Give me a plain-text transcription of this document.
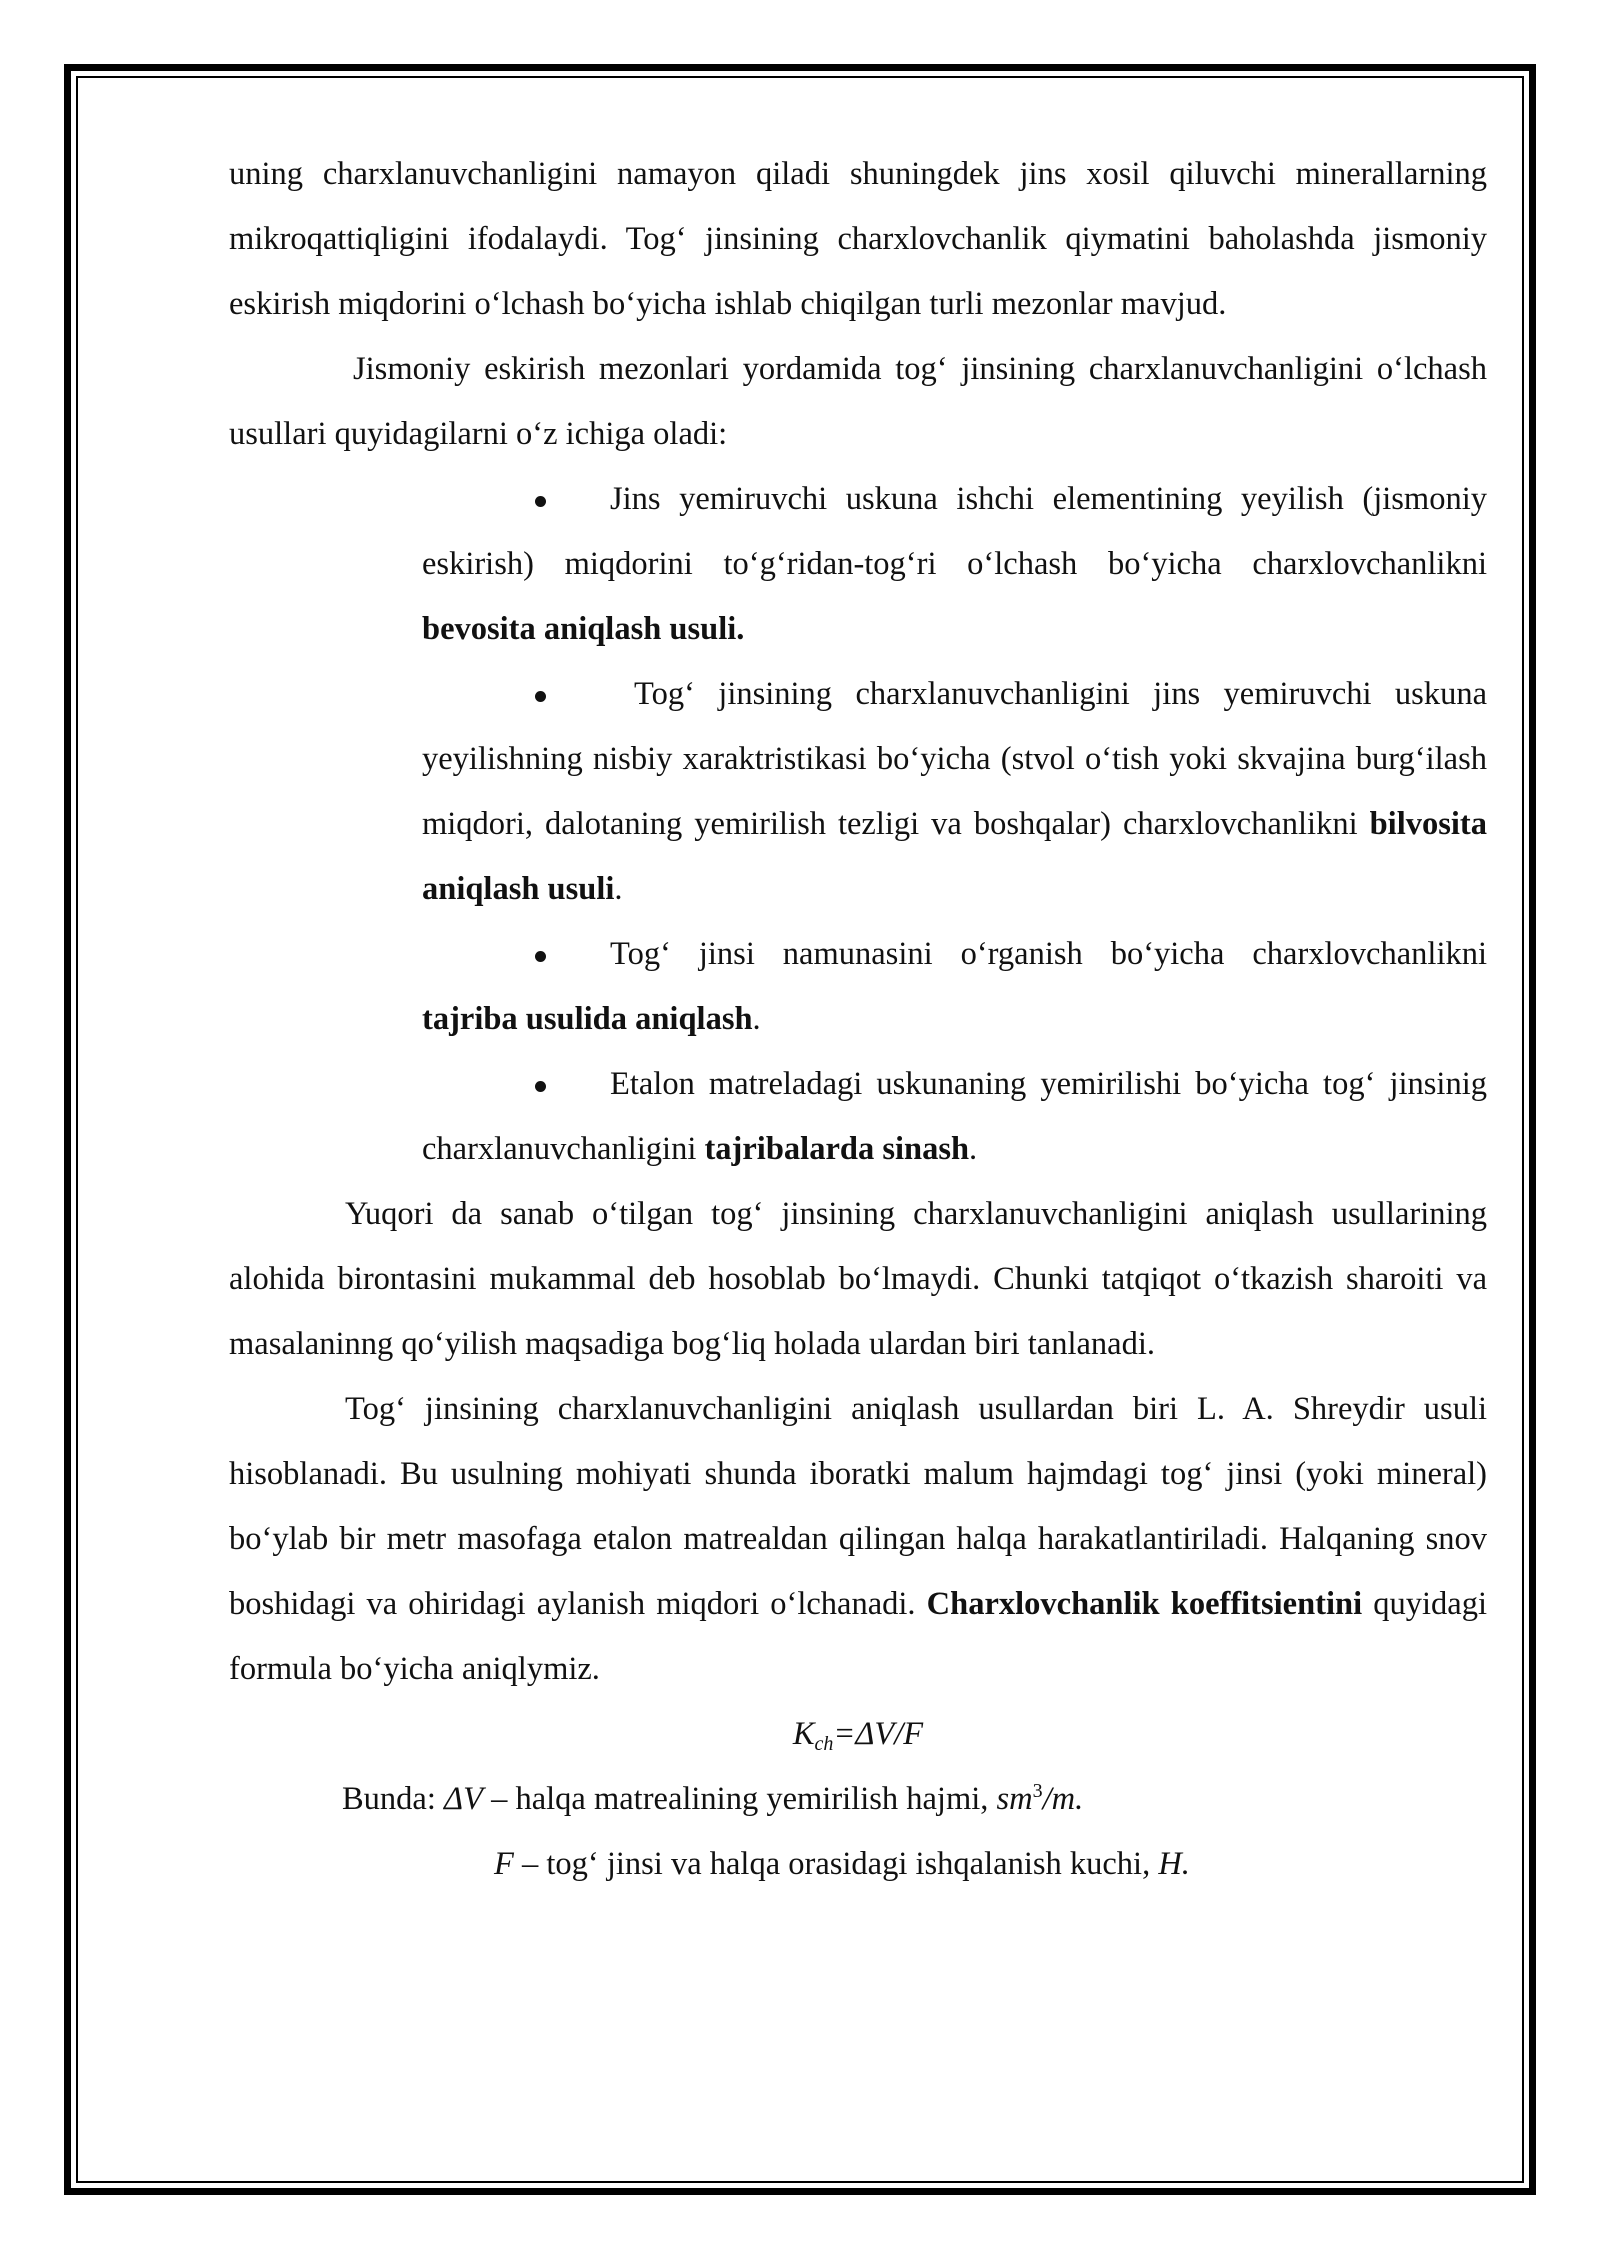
uning charxlanuvchanligini namayon qiladi shuningdek jins xosil qiluvchi minerallarning mikroqattiqligini ifodalaydi. Tog‘ jinsining charxlovchanlik qiymatini baholashda jismoniy eskirish miqdorini o‘lchash bo‘yicha ishlab chiqilgan turli mezonlar mavjud.

Jismoniy eskirish mezonlari yordamida tog‘ jinsining charxlanuvchanligini o‘lchash usullari quyidagilarni o‘z ichiga oladi:

Jins yemiruvchi uskuna ishchi elementining yeyilish (jismoniy eskirish) miqdorini to‘g‘ridan-tog‘ri o‘lchash bo‘yicha charxlovchanlikni bevosita aniqlash usuli.

Tog‘ jinsining charxlanuvchanligini jins yemiruvchi uskuna yeyilishning nisbiy xaraktristikasi bo‘yicha (stvol o‘tish yoki skvajina burg‘ilash miqdori, dalotaning yemirilish tezligi va boshqalar) charxlovchanlikni bilvosita aniqlash usuli.

Tog‘ jinsi namunasini o‘rganish bo‘yicha charxlovchanlikni tajriba usulida aniqlash.

Etalon matreladagi uskunaning yemirilishi bo‘yicha tog‘ jinsinig charxlanuvchanligini tajribalarda sinash.

Yuqori da sanab o‘tilgan tog‘ jinsining charxlanuvchanligini aniqlash usullarining alohida birontasini mukammal deb hosoblab bo‘lmaydi. Chunki tatqiqot o‘tkazish sharoiti va masalaninng qo‘yilish maqsadiga bog‘liq holada ulardan biri tanlanadi.

Tog‘ jinsining charxlanuvchanligini aniqlash usullardan biri L. A. Shreydir usuli hisoblanadi. Bu usulning mohiyati shunda iboratki malum hajmdagi tog‘ jinsi (yoki mineral) bo‘ylab bir metr masofaga etalon matrealdan qilingan halqa harakatlantiriladi. Halqaning snov boshidagi va ohiridagi aylanish miqdori o‘lchanadi. Charxlovchanlik koeffitsientini quyidagi formula bo‘yicha aniqlymiz.

$K_{ch}=\Delta V/F$

Bunda: ΔV – halqa matrealining yemirilish hajmi, $sm^3/m$.

F – tog‘ jinsi va halqa orasidagi ishqalanish kuchi, H.
